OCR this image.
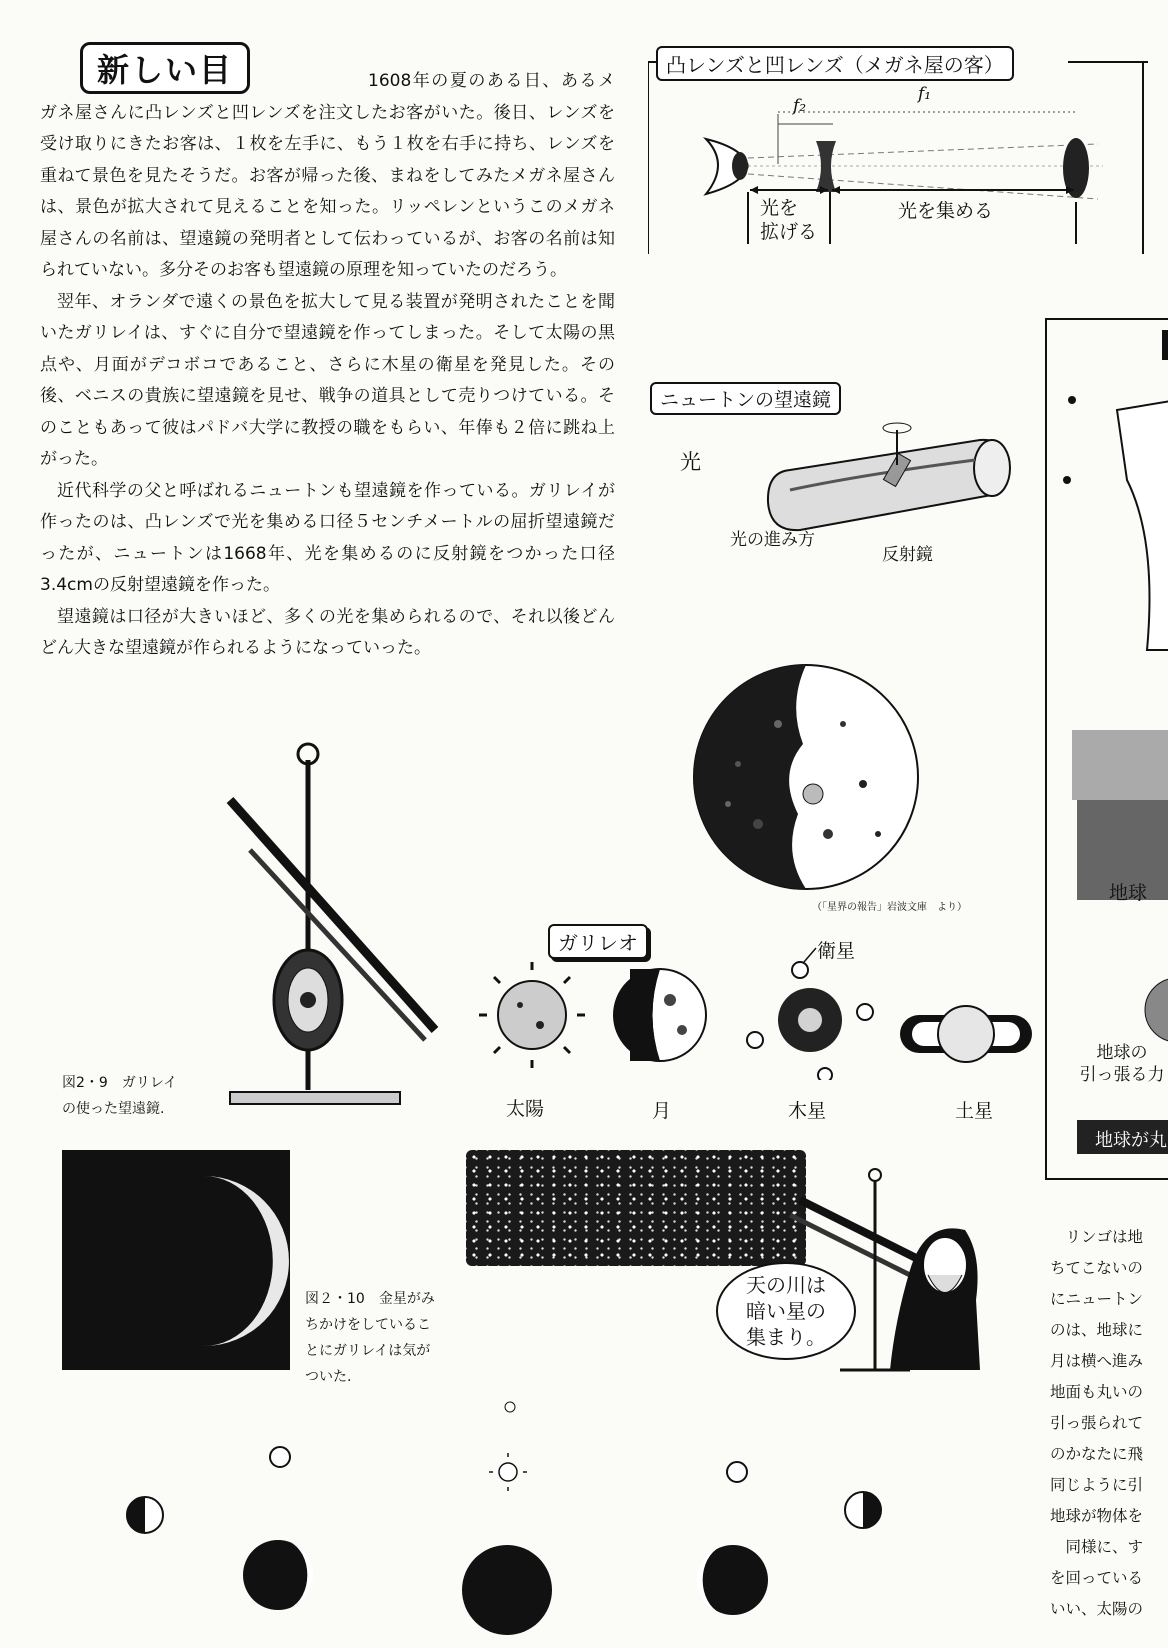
新しい目	1608年の夏のある日、あるメガネ屋さんに凸レンズと凹レンズを注文したお客がいた。後日、レンズを受け取りにきたお客は、１枚を左手に、もう１枚を右手に持ち、レンズを重ねて景色を見たそうだ。お客が帰った後、まねをしてみたメガネ屋さんは、景色が拡大されて見えることを知った。リッペレンというこのメガネ屋さんの名前は、望遠鏡の発明者として伝わっているが、お客の名前は知られていない。多分そのお客も望遠鏡の原理を知っていたのだろう。

翌年、オランダで遠くの景色を拡大して見る装置が発明されたことを聞いたガリレイは、すぐに自分で望遠鏡を作ってしまった。そして太陽の黒点や、月面がデコボコであること、さらに木星の衛星を発見した。その後、ベニスの貴族に望遠鏡を見せ、戦争の道具として売りつけている。そのこともあって彼はパドバ大学に教授の職をもらい、年俸も２倍に跳ね上がった。

近代科学の父と呼ばれるニュートンも望遠鏡を作っている。ガリレイが作ったのは、凸レンズで光を集める口径５センチメートルの屈折望遠鏡だったが、ニュートンは1668年、光を集めるのに反射鏡をつかった口径3.4cmの反射望遠鏡を作った。

望遠鏡は口径が大きいほど、多くの光を集められるので、それ以後どんどん大きな望遠鏡が作られるようになっていった。

凸レンズと凹レンズ（メガネ屋の客）
f₂
f₁
光を
拡げる
光を集める
ニュートンの望遠鏡
光
光の進み方
反射鏡
（「星界の報告」岩波文庫　より）
ガリレオ	衛星
太陽	月	木星	土星
図2・9　ガリレイ
の使った望遠鏡.
図２・10　金星がみ
ちかけをしているこ
とにガリレイは気が
ついた.
天の川は
暗い星の
集まり。
地球
地球の
引っ張る力
地球が丸

　リンゴは地

ちてこないの

にニュートン

のは、地球に

月は横へ進み

地面も丸いの

引っ張られて

のかなたに飛

同じように引

地球が物体を

　同様に、す

を回っている

いい、太陽の
